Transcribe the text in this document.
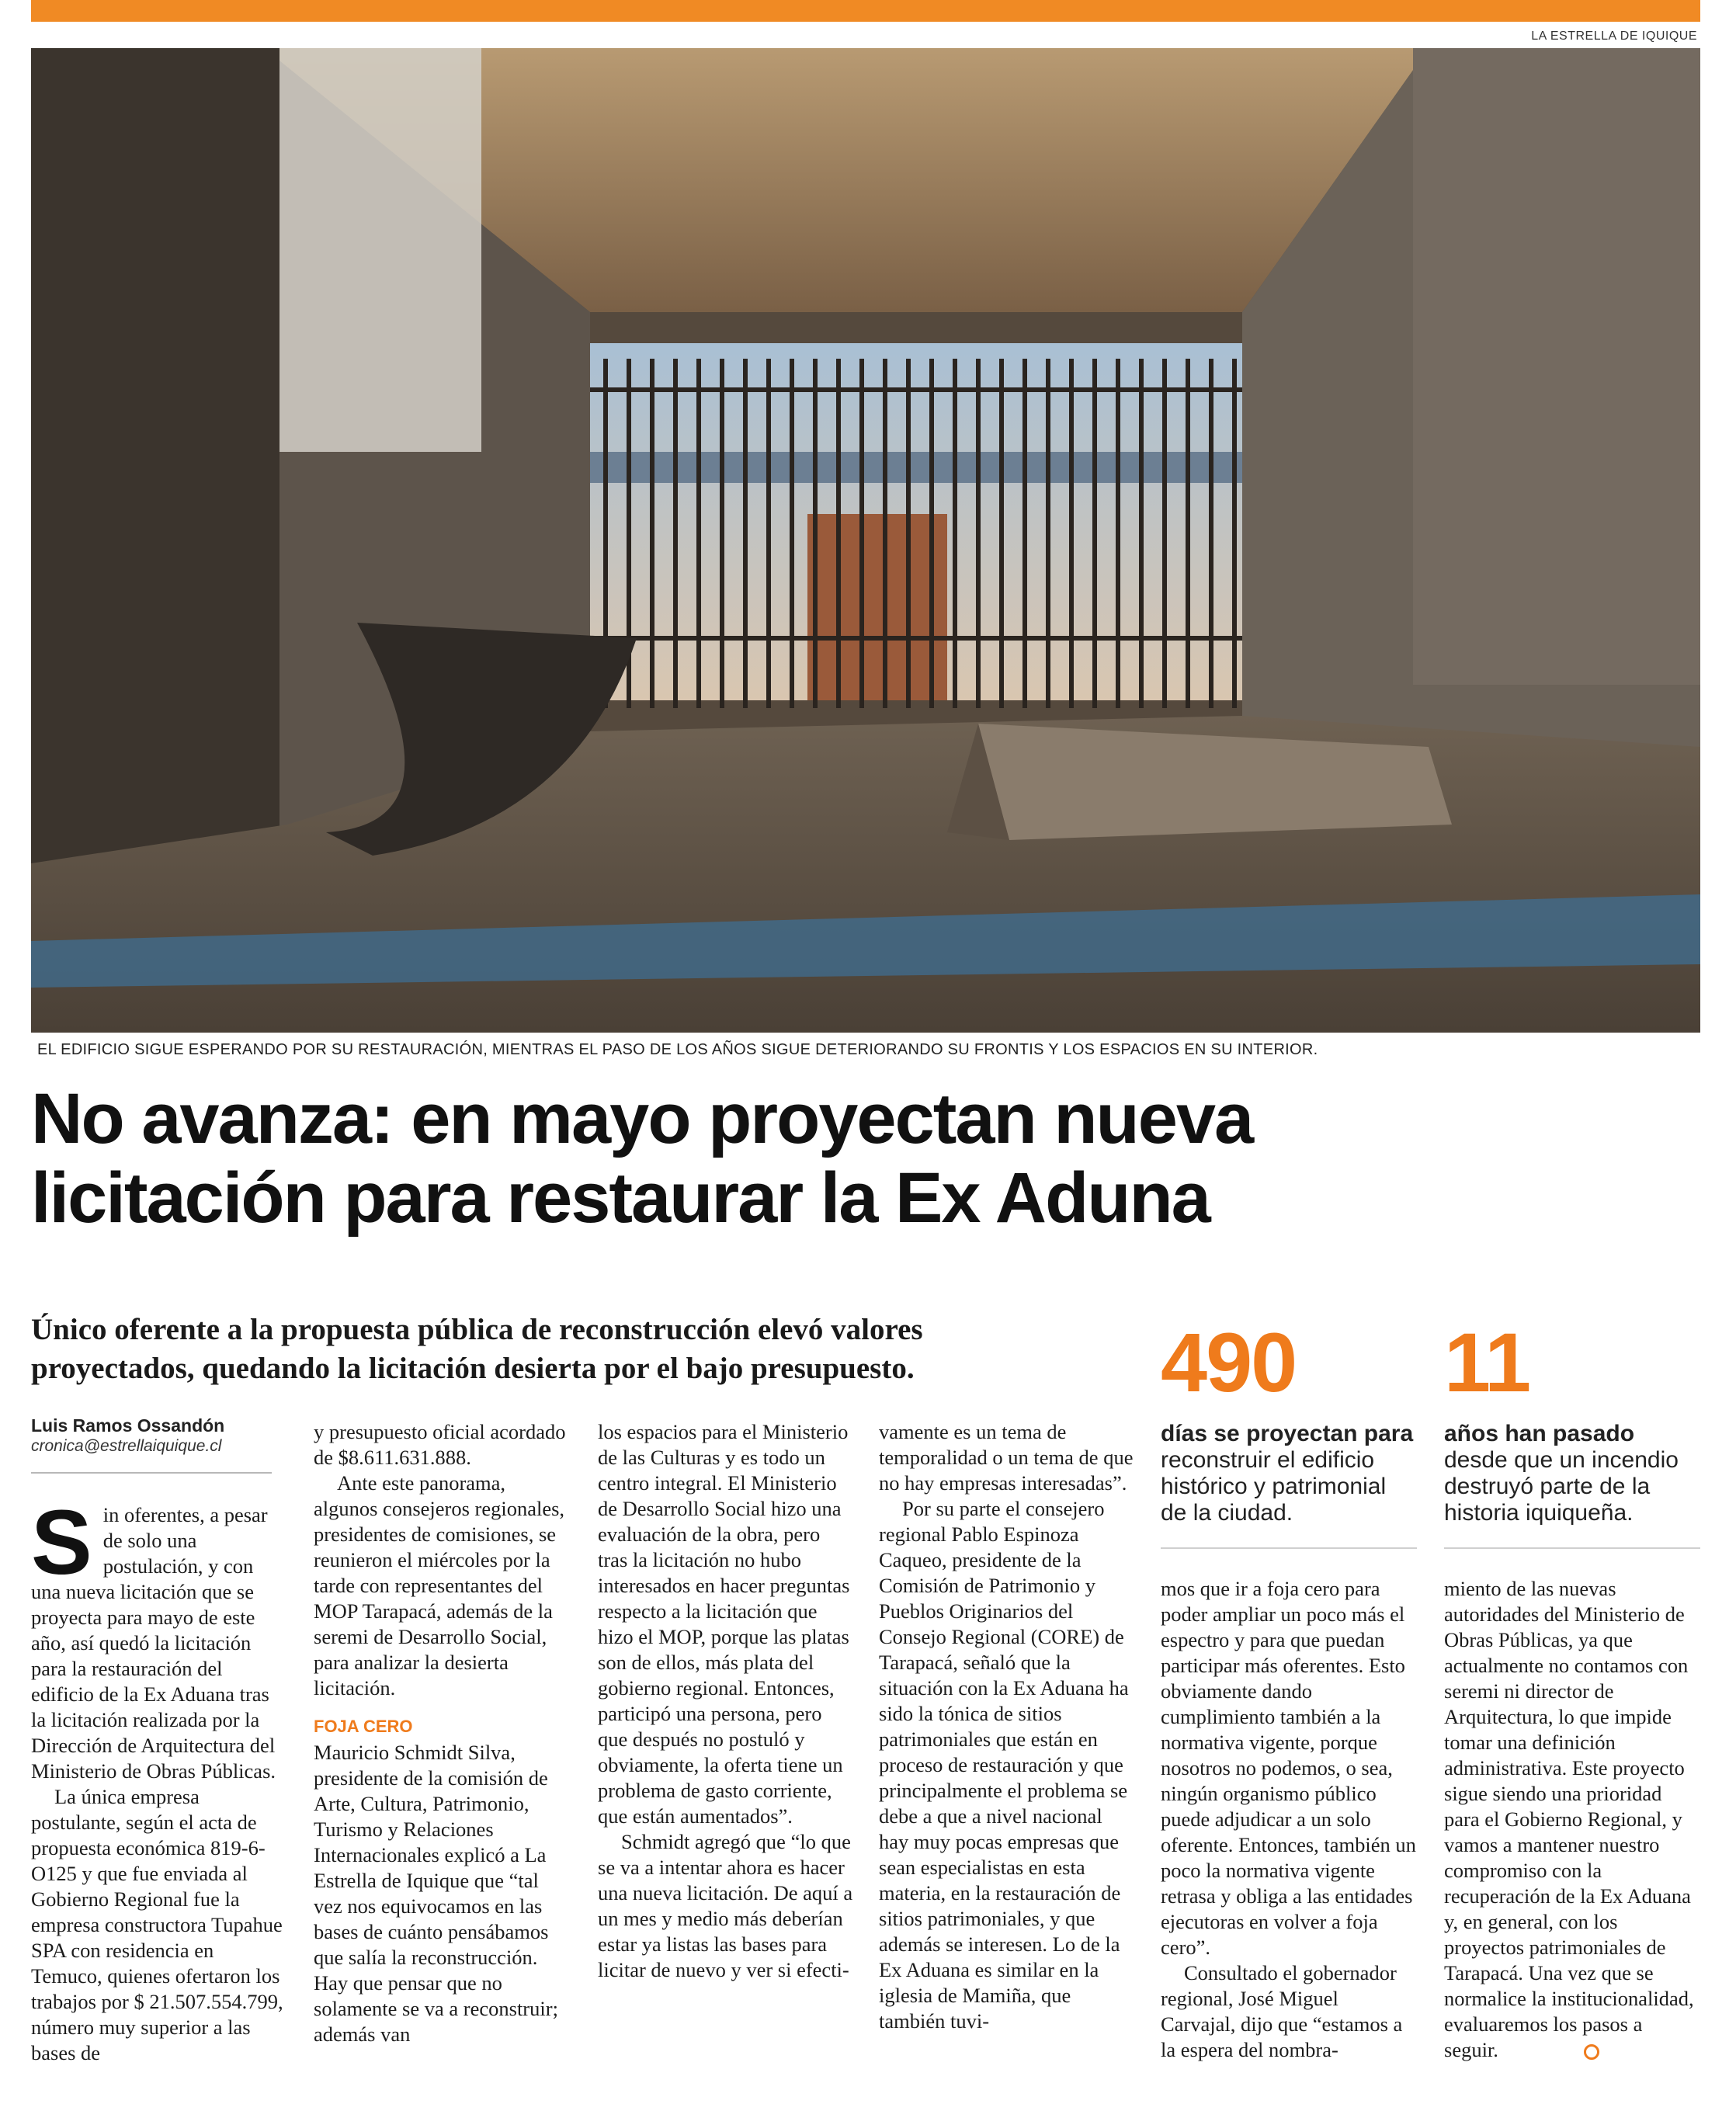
LA ESTRELLA DE IQUIQUE
EL EDIFICIO SIGUE ESPERANDO POR SU RESTAURACIÓN, MIENTRAS EL PASO DE LOS AÑOS SIGUE DETERIORANDO SU FRONTIS Y LOS ESPACIOS EN SU INTERIOR.
No avanza: en mayo proyectan nueva
licitación para restaurar la Ex Aduna

Único oferente a la propuesta pública de reconstrucción elevó valores proyectados, quedando la licitación desierta por el bajo presupuesto.	490
días se proyectan para reconstruir el edificio histórico y patrimonial de la ciudad.
11
años han pasado desde que un incendio destruyó parte de la historia iquiqueña.
Luis Ramos Ossandón
cronica@estrellaiquique.cl

Sin oferentes, a pesar de solo una postulación, y con una nueva licitación que se proyecta para mayo de este año, así quedó la licitación para la restauración del edificio de la Ex Aduana tras la licitación realizada por la Dirección de Arquitectura del Ministerio de Obras Públicas.

La única empresa postulante, según el acta de propuesta económica 819-6-O125 y que fue enviada al Gobierno Regional fue la empresa constructora Tupahue SPA con residencia en Temuco, quienes ofertaron los trabajos por $ 21.507.554.799, número muy superior a las bases de

y presupuesto oficial acordado de $8.611.631.888.

Ante este panorama, algunos consejeros regionales, presidentes de comisiones, se reunieron el miércoles por la tarde con representantes del MOP Tarapacá, además de la seremi de Desarrollo Social, para analizar la desierta licitación.

FOJA CERO

Mauricio Schmidt Silva, presidente de la comisión de Arte, Cultura, Patrimonio, Turismo y Relaciones Internacionales explicó a La Estrella de Iquique que “tal vez nos equivocamos en las bases de cuánto pensábamos que salía la reconstrucción. Hay que pensar que no solamente se va a reconstruir; además van

los espacios para el Ministerio de las Culturas y es todo un centro integral. El Ministerio de Desarrollo Social hizo una evaluación de la obra, pero tras la licitación no hubo interesados en hacer preguntas respecto a la licitación que hizo el MOP, porque las platas son de ellos, más plata del gobierno regional. Entonces, participó una persona, pero que después no postuló y obviamente, la oferta tiene un problema de gasto corriente, que están aumentados”.

Schmidt agregó que “lo que se va a intentar ahora es hacer una nueva licitación. De aquí a un mes y medio más deberían estar ya listas las bases para licitar de nuevo y ver si efecti-

vamente es un tema de temporalidad o un tema de que no hay empresas interesadas”.

Por su parte el consejero regional Pablo Espinoza Caqueo, presidente de la Comisión de Patrimonio y Pueblos Originarios del Consejo Regional (CORE) de Tarapacá, señaló que la situación con la Ex Aduana ha sido la tónica de sitios patrimoniales que están en proceso de restauración y que principalmente el problema se debe a que a nivel nacional hay muy pocas empresas que sean especialistas en esta materia, en la restauración de sitios patrimoniales, y que además se interesen. Lo de la Ex Aduana es similar en la iglesia de Mamiña, que también tuvi-

mos que ir a foja cero para poder ampliar un poco más el espectro y para que puedan participar más oferentes. Esto obviamente dando cumplimiento también a la normativa vigente, porque nosotros no podemos, o sea, ningún organismo público puede adjudicar a un solo oferente. Entonces, también un poco la normativa vigente retrasa y obliga a las entidades ejecutoras en volver a foja cero”.

Consultado el gobernador regional, José Miguel Carvajal, dijo que “estamos a la espera del nombra-

miento de las nuevas autoridades del Ministerio de Obras Públicas, ya que actualmente no contamos con seremi ni director de Arquitectura, lo que impide tomar una definición administrativa. Este proyecto sigue siendo una prioridad para el Gobierno Regional, y vamos a mantener nuestro compromiso con la recuperación de la Ex Aduana y, en general, con los proyectos patrimoniales de Tarapacá. Una vez que se normalice la institucionalidad, evaluaremos los pasos a seguir.
